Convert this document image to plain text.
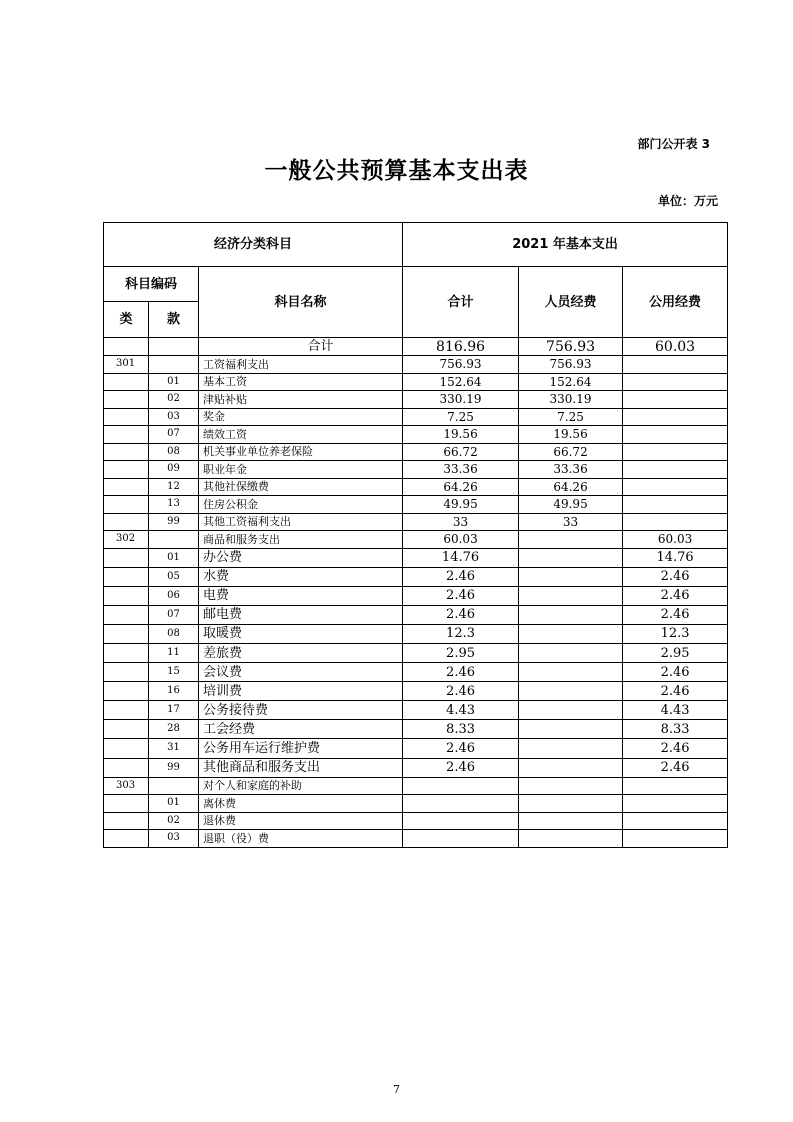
部门公开表 3
一般公共预算基本支出表
单位：万元
经济分类科目			2021 年基本支出		
科目编码		科目名称	合计	人员经费	公用经费
类	款				
		合计	816.96	756.93	60.03
301		工资福利支出	756.93	756.93	
	01	基本工资	152.64	152.64	
	02	津贴补贴	330.19	330.19	
	03	奖金	7.25	7.25	
	07	绩效工资	19.56	19.56	
	08	机关事业单位养老保险	66.72	66.72	
	09	职业年金	33.36	33.36	
	12	其他社保缴费	64.26	64.26	
	13	住房公积金	49.95	49.95	
	99	其他工资福利支出	33	33	
302		商品和服务支出	60.03		60.03
	01	办公费	14.76		14.76
	05	水费	2.46		2.46
	06	电费	2.46		2.46
	07	邮电费	2.46		2.46
	08	取暖费	12.3		12.3
	11	差旅费	2.95		2.95
	15	会议费	2.46		2.46
	16	培训费	2.46		2.46
	17	公务接待费	4.43		4.43
	28	工会经费	8.33		8.33
	31	公务用车运行维护费	2.46		2.46
	99	其他商品和服务支出	2.46		2.46
303		对个人和家庭的补助			
	01	离休费			
	02	退休费			
	03	退职（役）费			
7
